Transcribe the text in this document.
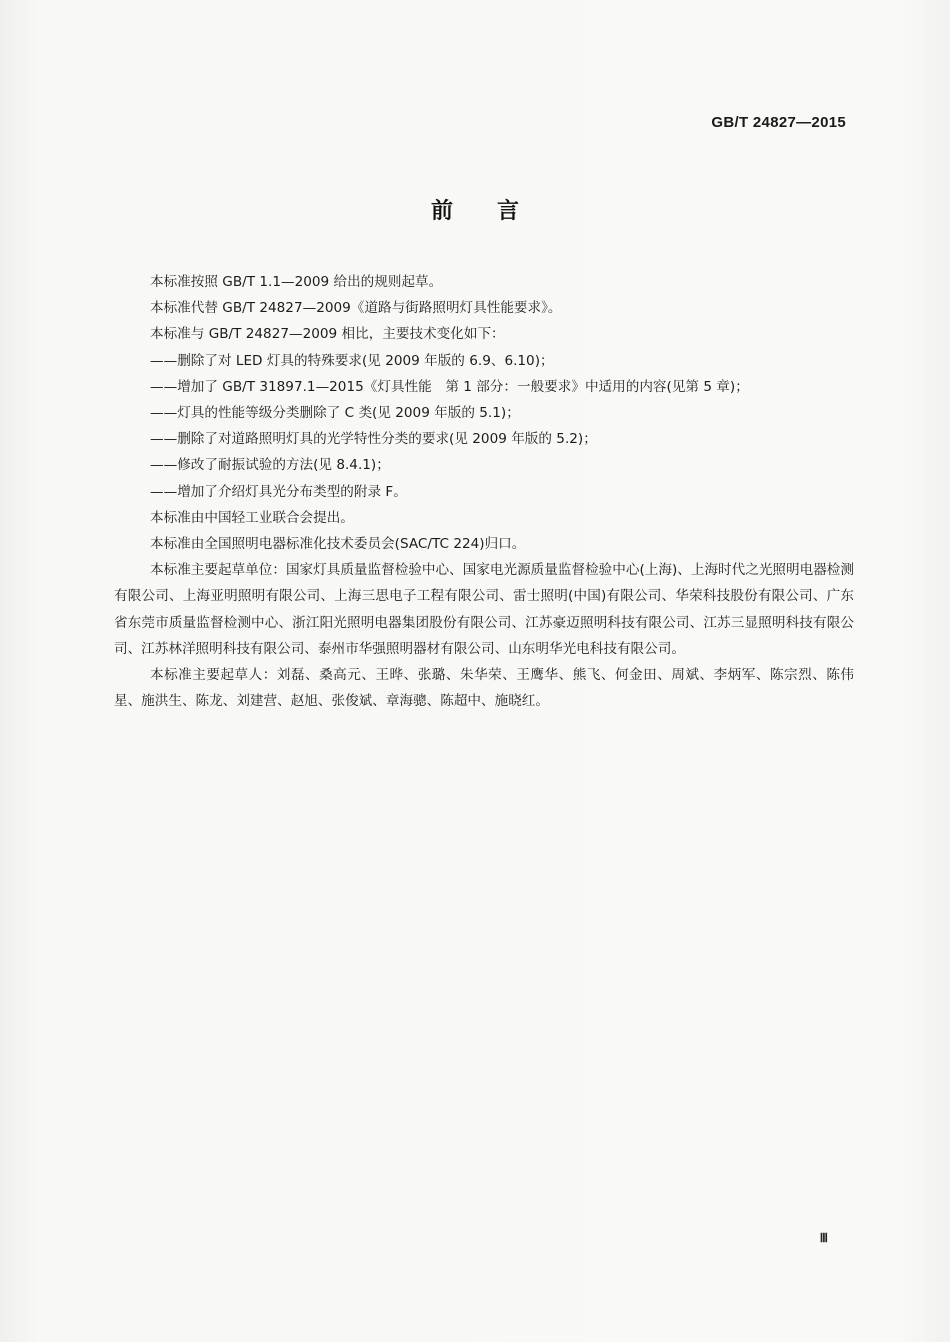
GB/T 24827—2015
前言

本标准按照 GB/T 1.1—2009 给出的规则起草。

本标准代替 GB/T 24827—2009《道路与街路照明灯具性能要求》。

本标准与 GB/T 24827—2009 相比，主要技术变化如下：

——删除了对 LED 灯具的特殊要求(见 2009 年版的 6.9、6.10)；

——增加了 GB/T 31897.1—2015《灯具性能　第 1 部分：一般要求》中适用的内容(见第 5 章)；

——灯具的性能等级分类删除了 C 类(见 2009 年版的 5.1)；

——删除了对道路照明灯具的光学特性分类的要求(见 2009 年版的 5.2)；

——修改了耐振试验的方法(见 8.4.1)；

——增加了介绍灯具光分布类型的附录 F。

本标准由中国轻工业联合会提出。

本标准由全国照明电器标准化技术委员会(SAC/TC 224)归口。

本标准主要起草单位：国家灯具质量监督检验中心、国家电光源质量监督检验中心(上海)、上海时代之光照明电器检测有限公司、上海亚明照明有限公司、上海三思电子工程有限公司、雷士照明(中国)有限公司、华荣科技股份有限公司、广东省东莞市质量监督检测中心、浙江阳光照明电器集团股份有限公司、江苏豪迈照明科技有限公司、江苏三显照明科技有限公司、江苏林洋照明科技有限公司、泰州市华强照明器材有限公司、山东明华光电科技有限公司。

本标准主要起草人：刘磊、桑高元、王晔、张璐、朱华荣、王鹰华、熊飞、何金田、周斌、李炳军、陈宗烈、陈伟星、施洪生、陈龙、刘建营、赵旭、张俊斌、章海骢、陈超中、施晓红。

Ⅲ
